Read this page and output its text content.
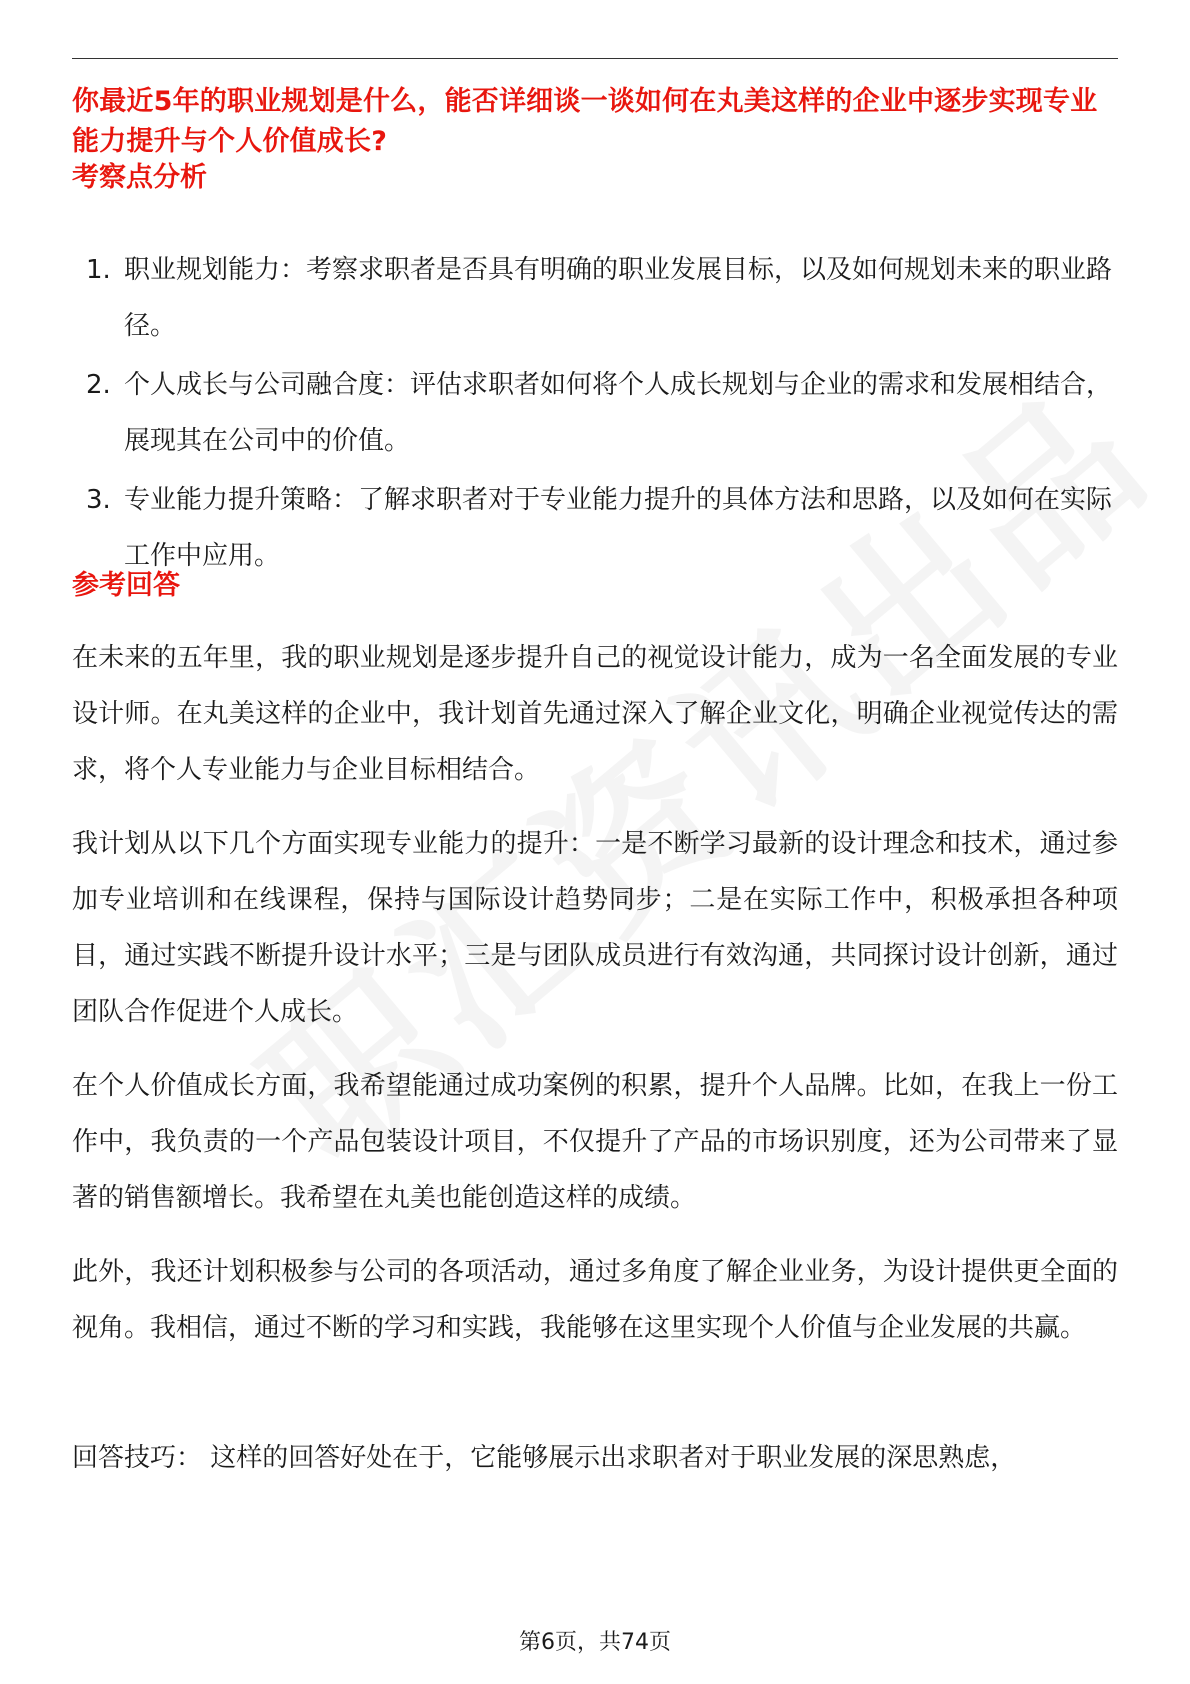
你最近5年的职业规划是什么，能否详细谈一谈如何在丸美这样的企业中逐步实现专业能力提升与个人价值成长?
考察点分析
1. 职业规划能力：考察求职者是否具有明确的职业发展目标，以及如何规划未来的职业路径。
2. 个人成长与公司融合度：评估求职者如何将个人成长规划与企业的需求和发展相结合，展现其在公司中的价值。
3. 专业能力提升策略：了解求职者对于专业能力提升的具体方法和思路，以及如何在实际工作中应用。
参考回答

在未来的五年里，我的职业规划是逐步提升自己的视觉设计能力，成为一名全面发展的专业设计师。在丸美这样的企业中，我计划首先通过深入了解企业文化，明确企业视觉传达的需求，将个人专业能力与企业目标相结合。

我计划从以下几个方面实现专业能力的提升：一是不断学习最新的设计理念和技术，通过参加专业培训和在线课程，保持与国际设计趋势同步；二是在实际工作中，积极承担各种项目，通过实践不断提升设计水平；三是与团队成员进行有效沟通，共同探讨设计创新，通过团队合作促进个人成长。

在个人价值成长方面，我希望能通过成功案例的积累，提升个人品牌。比如，在我上一份工作中，我负责的一个产品包装设计项目，不仅提升了产品的市场识别度，还为公司带来了显著的销售额增长。我希望在丸美也能创造这样的成绩。

此外，我还计划积极参与公司的各项活动，通过多角度了解企业业务，为设计提供更全面的视角。我相信，通过不断的学习和实践，我能够在这里实现个人价值与企业发展的共赢。

回答技巧： 这样的回答好处在于，它能够展示出求职者对于职业发展的深思熟虑，

第6页，共74页
